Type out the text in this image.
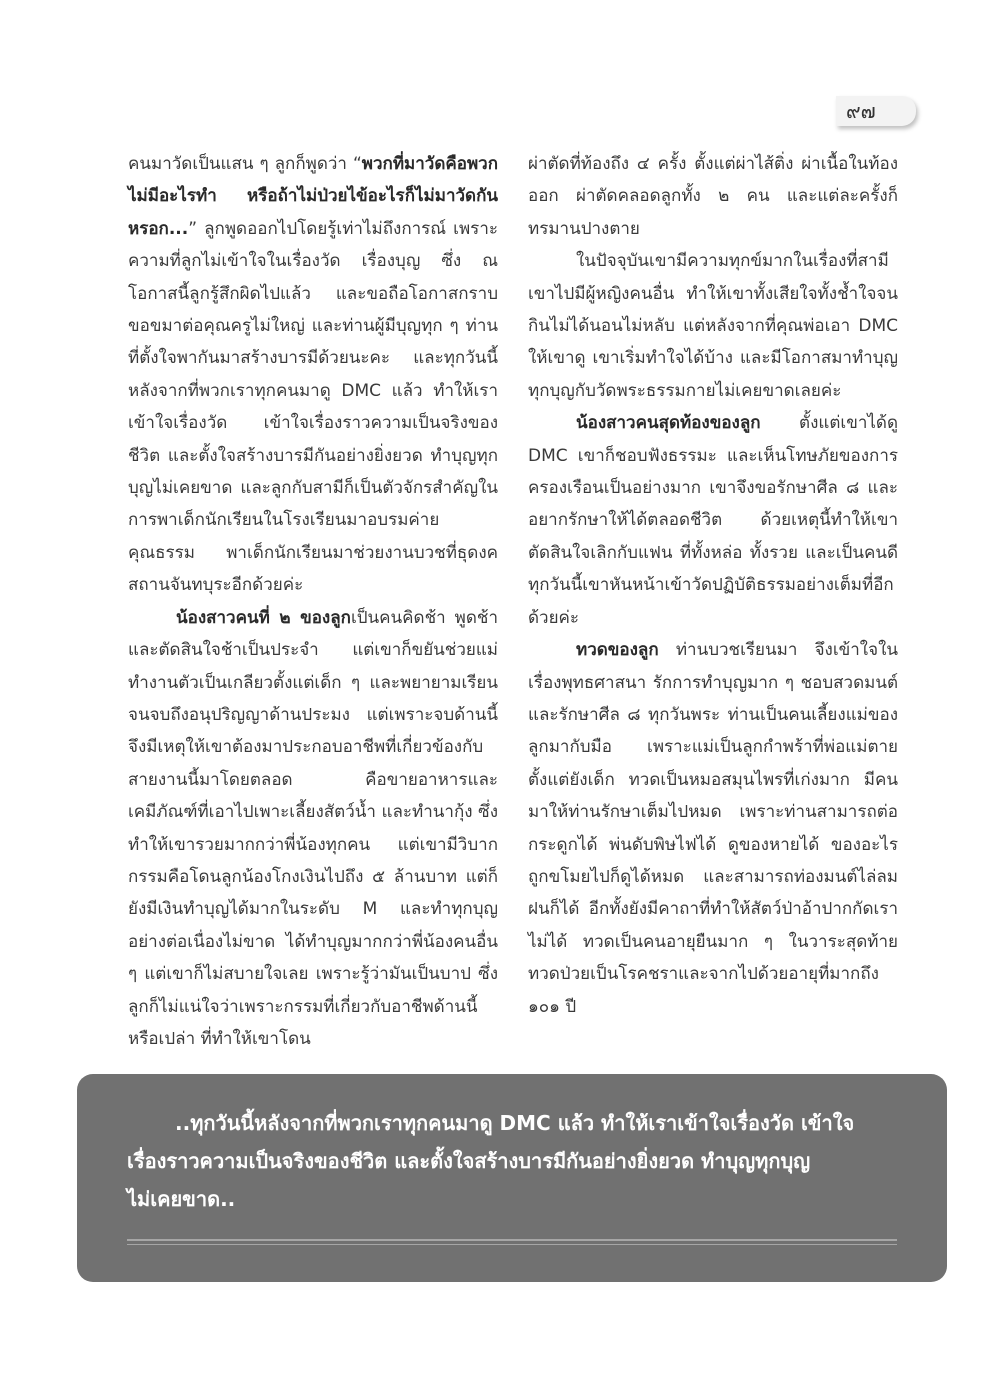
๙๗

คนมาวัดเป็นแสน ๆ ลูกก็พูดว่า “พวกที่มาวัดคือพวกไม่มีอะไรทำ หรือถ้าไม่ป่วยไข้อะไรก็ไม่มาวัดกันหรอก...” ลูกพูดออกไปโดยรู้เท่าไม่ถึงการณ์ เพราะความที่ลูกไม่เข้าใจในเรื่องวัด เรื่องบุญ ซึ่ง ณ โอกาสนี้ลูกรู้สึกผิดไปแล้ว และขอถือโอกาสกราบขอขมาต่อคุณครูไม่ใหญ่ และท่านผู้มีบุญทุก ๆ ท่านที่ตั้งใจพากันมาสร้างบารมีด้วยนะคะ และทุกวันนี้หลังจากที่พวกเราทุกคนมาดู DMC แล้ว ทำให้เราเข้าใจเรื่องวัด เข้าใจเรื่องราวความเป็นจริงของชีวิต และตั้งใจสร้างบารมีกันอย่างยิ่งยวด ทำบุญทุกบุญไม่เคยขาด และลูกกับสามีก็เป็นตัวจักรสำคัญในการพาเด็กนักเรียนในโรงเรียนมาอบรมค่ายคุณธรรม พาเด็กนักเรียนมาช่วยงานบวชที่ธุดงคสถานจันทบุระอีกด้วยค่ะ

น้องสาวคนที่ ๒ ของลูกเป็นคนคิดช้า พูดช้า และตัดสินใจช้าเป็นประจำ แต่เขาก็ขยันช่วยแม่ทำงานตัวเป็นเกลียวตั้งแต่เด็ก ๆ และพยายามเรียนจนจบถึงอนุปริญญาด้านประมง แต่เพราะจบด้านนี้จึงมีเหตุให้เขาต้องมาประกอบอาชีพที่เกี่ยวข้องกับสายงานนี้มาโดยตลอด คือขายอาหารและเคมีภัณฑ์ที่เอาไปเพาะเลี้ยงสัตว์น้ำ และทำนากุ้ง ซึ่งทำให้เขารวยมากกว่าพี่น้องทุกคน แต่เขามีวิบากกรรมคือโดนลูกน้องโกงเงินไปถึง ๕ ล้านบาท แต่ก็ยังมีเงินทำบุญได้มากในระดับ M และทำทุกบุญอย่างต่อเนื่องไม่ขาด ได้ทำบุญมากกว่าพี่น้องคนอื่น ๆ แต่เขาก็ไม่สบายใจเลย เพราะรู้ว่ามันเป็นบาป ซึ่งลูกก็ไม่แน่ใจว่าเพราะกรรมที่เกี่ยวกับอาชีพด้านนี้หรือเปล่า ที่ทำให้เขาโดน

ผ่าตัดที่ท้องถึง ๔ ครั้ง ตั้งแต่ผ่าไส้ติ่ง ผ่าเนื้อในท้องออก ผ่าตัดคลอดลูกทั้ง ๒ คน และแต่ละครั้งก็ทรมานปางตาย

ในปัจจุบันเขามีความทุกข์มากในเรื่องที่สามีเขาไปมีผู้หญิงคนอื่น ทำให้เขาทั้งเสียใจทั้งช้ำใจจนกินไม่ได้นอนไม่หลับ แต่หลังจากที่คุณพ่อเอา DMC ให้เขาดู เขาเริ่มทำใจได้บ้าง และมีโอกาสมาทำบุญทุกบุญกับวัดพระธรรมกายไม่เคยขาดเลยค่ะ

น้องสาวคนสุดท้องของลูก ตั้งแต่เขาได้ดู DMC เขาก็ชอบฟังธรรมะ และเห็นโทษภัยของการครองเรือนเป็นอย่างมาก เขาจึงขอรักษาศีล ๘ และอยากรักษาให้ได้ตลอดชีวิต ด้วยเหตุนี้ทำให้เขาตัดสินใจเลิกกับแฟน ที่ทั้งหล่อ ทั้งรวย และเป็นคนดีทุกวันนี้เขาหันหน้าเข้าวัดปฏิบัติธรรมอย่างเต็มที่อีกด้วยค่ะ

ทวดของลูก ท่านบวชเรียนมา จึงเข้าใจในเรื่องพุทธศาสนา รักการทำบุญมาก ๆ ชอบสวดมนต์และรักษาศีล ๘ ทุกวันพระ ท่านเป็นคนเลี้ยงแม่ของลูกมากับมือ เพราะแม่เป็นลูกกำพร้าที่พ่อแม่ตายตั้งแต่ยังเด็ก ทวดเป็นหมอสมุนไพรที่เก่งมาก มีคนมาให้ท่านรักษาเต็มไปหมด เพราะท่านสามารถต่อกระดูกได้ พ่นดับพิษไฟได้ ดูของหายได้ ของอะไรถูกขโมยไปก็ดูได้หมด และสามารถท่องมนต์ไล่ลมฝนก็ได้ อีกทั้งยังมีคาถาที่ทำให้สัตว์ป่าอ้าปากกัดเราไม่ได้ ทวดเป็นคนอายุยืนมาก ๆ ในวาระสุดท้ายทวดป่วยเป็นโรคชราและจากไปด้วยอายุที่มากถึง ๑๐๑ ปี

..ทุกวันนี้หลังจากที่พวกเราทุกคนมาดู DMC แล้ว ทำให้เราเข้าใจเรื่องวัด เข้าใจ
เรื่องราวความเป็นจริงของชีวิต และตั้งใจสร้างบารมีกันอย่างยิ่งยวด ทำบุญทุกบุญ
ไม่เคยขาด..
